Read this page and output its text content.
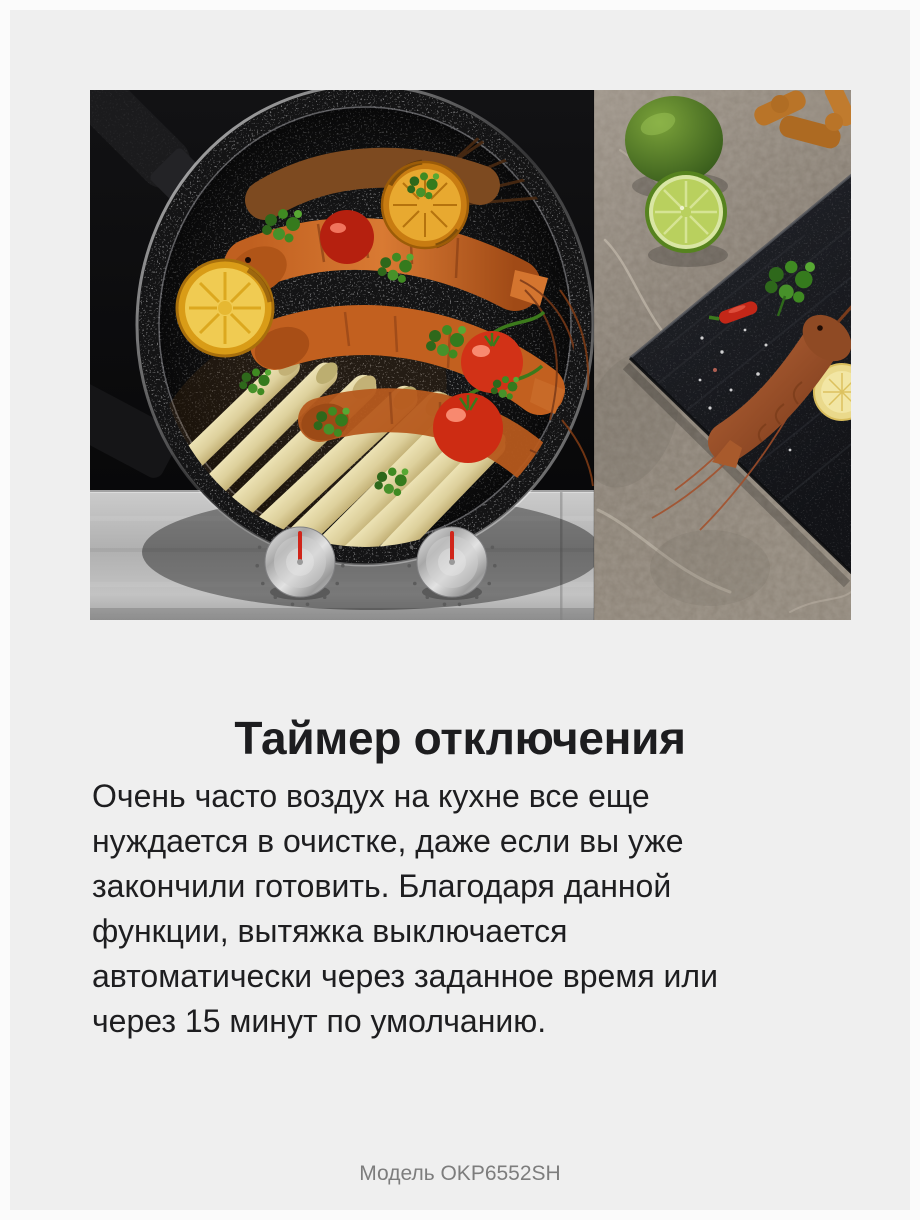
Таймер отключения
Очень часто воздух на кухне все еще
нуждается в очистке, даже если вы уже
закончили готовить. Благодаря данной
функции, вытяжка выключается
автоматически через заданное время или
через 15 минут по умолчанию.
Модель OKP6552SH
